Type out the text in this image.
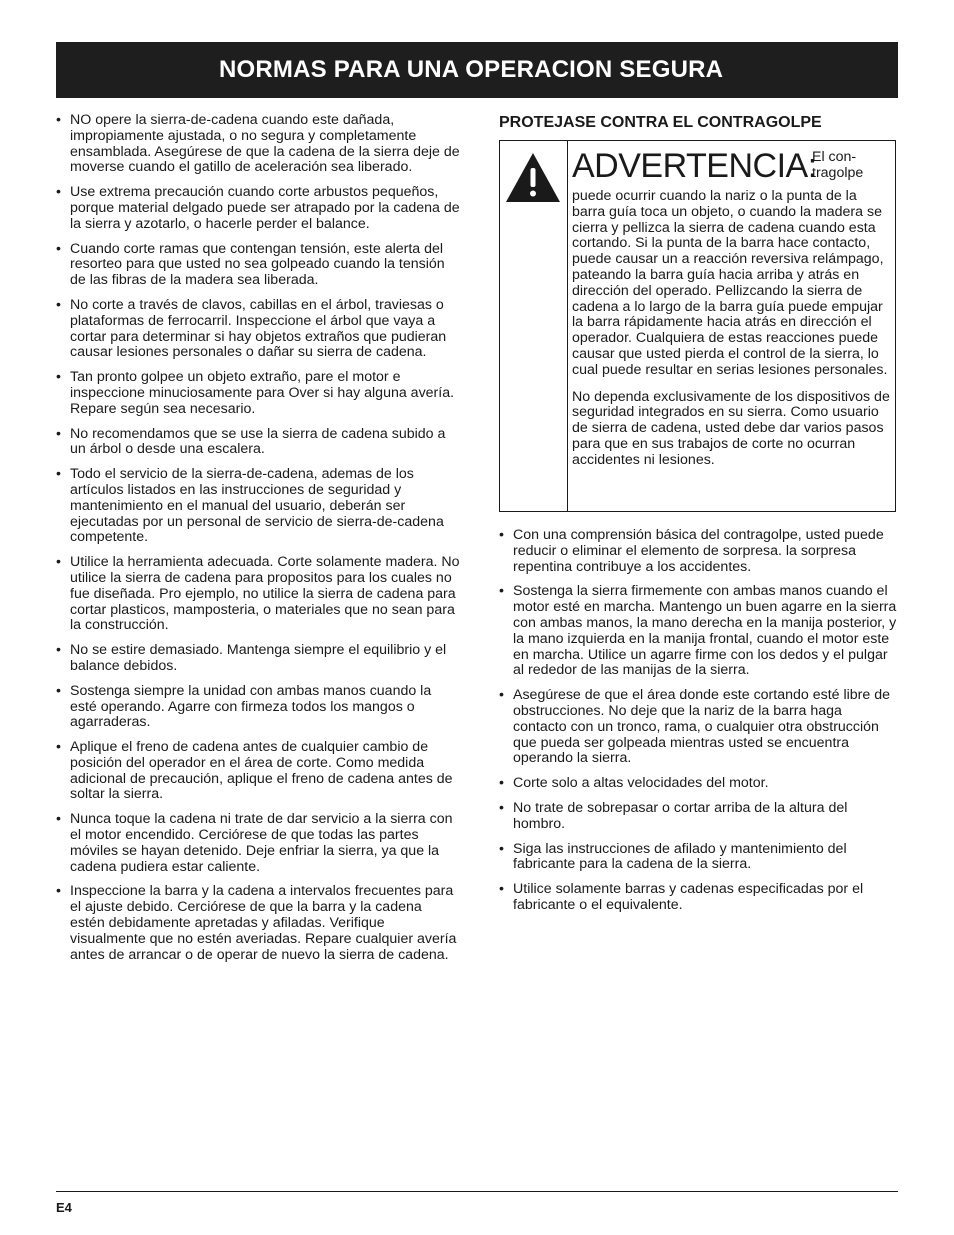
NORMAS PARA UNA OPERACION SEGURA
• NO opere la sierra-de-cadena cuando este dañada, impropiamente ajustada, o no segura y completamente ensamblada. Asegúrese de que la cadena de la sierra deje de moverse cuando el gatillo de aceleración sea liberado.
• Use extrema precaución cuando corte arbustos pequeños, porque material delgado puede ser atrapado por la cadena de la sierra y azotarlo, o hacerle perder el balance.
• Cuando corte ramas que contengan tensión, este alerta del resorteo para que usted no sea golpeado cuando la tensión de las fibras de la madera sea liberada.
• No corte a través de clavos, cabillas en el árbol, traviesas o plataformas de ferrocarril. Inspeccione el árbol que vaya a cortar para determinar si hay objetos extraños que pudieran causar lesiones personales o dañar su sierra de cadena.
• Tan pronto golpee un objeto extraño, pare el motor e inspeccione minuciosamente para Over si hay alguna avería. Repare según sea necesario.
• No recomendamos que se use la sierra de cadena subido a un árbol o desde una escalera.
• Todo el servicio de la sierra-de-cadena, ademas de los artículos listados en las instrucciones de seguridad y mantenimiento en el manual del usuario, deberán ser ejecutadas por un personal de servicio de sierra-de-cadena competente.
• Utilice la herramienta adecuada. Corte solamente madera. No utilice la sierra de cadena para propositos para los cuales no fue diseñada. Pro ejemplo, no utilice la sierra de cadena para cortar plasticos, mamposteria, o materiales que no sean para la construcción.
• No se estire demasiado. Mantenga siempre el equilibrio y el balance debidos.
• Sostenga siempre la unidad con ambas manos cuando la esté operando. Agarre con firmeza todos los mangos o agarraderas.
• Aplique el freno de cadena antes de cualquier cambio de posición del operador en el área de corte. Como medida adicional de precaución, aplique el freno de cadena antes de soltar la sierra.
• Nunca toque la cadena ni trate de dar servicio a la sierra con el motor encendido. Cerciórese de que todas las partes móviles se hayan detenido. Deje enfriar la sierra, ya que la cadena pudiera estar caliente.
• Inspeccione la barra y la cadena a intervalos frecuentes para el ajuste debido. Cerciórese de que la barra y la cadena estén debidamente apretadas y afiladas. Verifique visualmente que no estén averiadas. Repare cualquier avería antes de arrancar o de operar de nuevo la sierra de cadena.

PROTEJASE CONTRA EL CONTRAGOLPE

ADVERTENCIA:
El con-tragolpe

puede ocurrir cuando la nariz o la punta de la barra guía toca un objeto, o cuando la madera se cierra y pellizca la sierra de cadena cuando esta cortando. Si la punta de la barra hace contacto, puede causar un a reacción reversiva relámpago, pateando la barra guía hacia arriba y atrás en dirección del operado. Pellizcando la sierra de cadena a lo largo de la barra guía puede empujar la barra rápidamente hacia atrás en dirección el operador. Cualquiera de estas reacciones puede causar que usted pierda el control de la sierra, lo cual puede resultar en serias lesiones personales.

No dependa exclusivamente de los dispositivos de seguridad integrados en su sierra. Como usuario de sierra de cadena, usted debe dar varios pasos para que en sus trabajos de corte no ocurran accidentes ni lesiones.

• Con una comprensión básica del contragolpe, usted puede reducir o eliminar el elemento de sorpresa. la sorpresa repentina contribuye a los accidentes.
• Sostenga la sierra firmemente con ambas manos cuando el motor esté en marcha. Mantengo un buen agarre en la sierra con ambas manos, la mano derecha en la manija posterior, y la mano izquierda en la manija frontal, cuando el motor este en marcha. Utilice un agarre firme con los dedos y el pulgar al rededor de las manijas de la sierra.
• Asegúrese de que el área donde este cortando esté libre de obstrucciones. No deje que la nariz de la barra haga contacto con un tronco, rama, o cualquier otra obstrucción que pueda ser golpeada mientras usted se encuentra operando la sierra.
• Corte solo a altas velocidades del motor.
• No trate de sobrepasar o cortar arriba de la altura del hombro.
• Siga las instrucciones de afilado y mantenimiento del fabricante para la cadena de la sierra.
• Utilice solamente barras y cadenas especificadas por el fabricante o el equivalente.
E4
